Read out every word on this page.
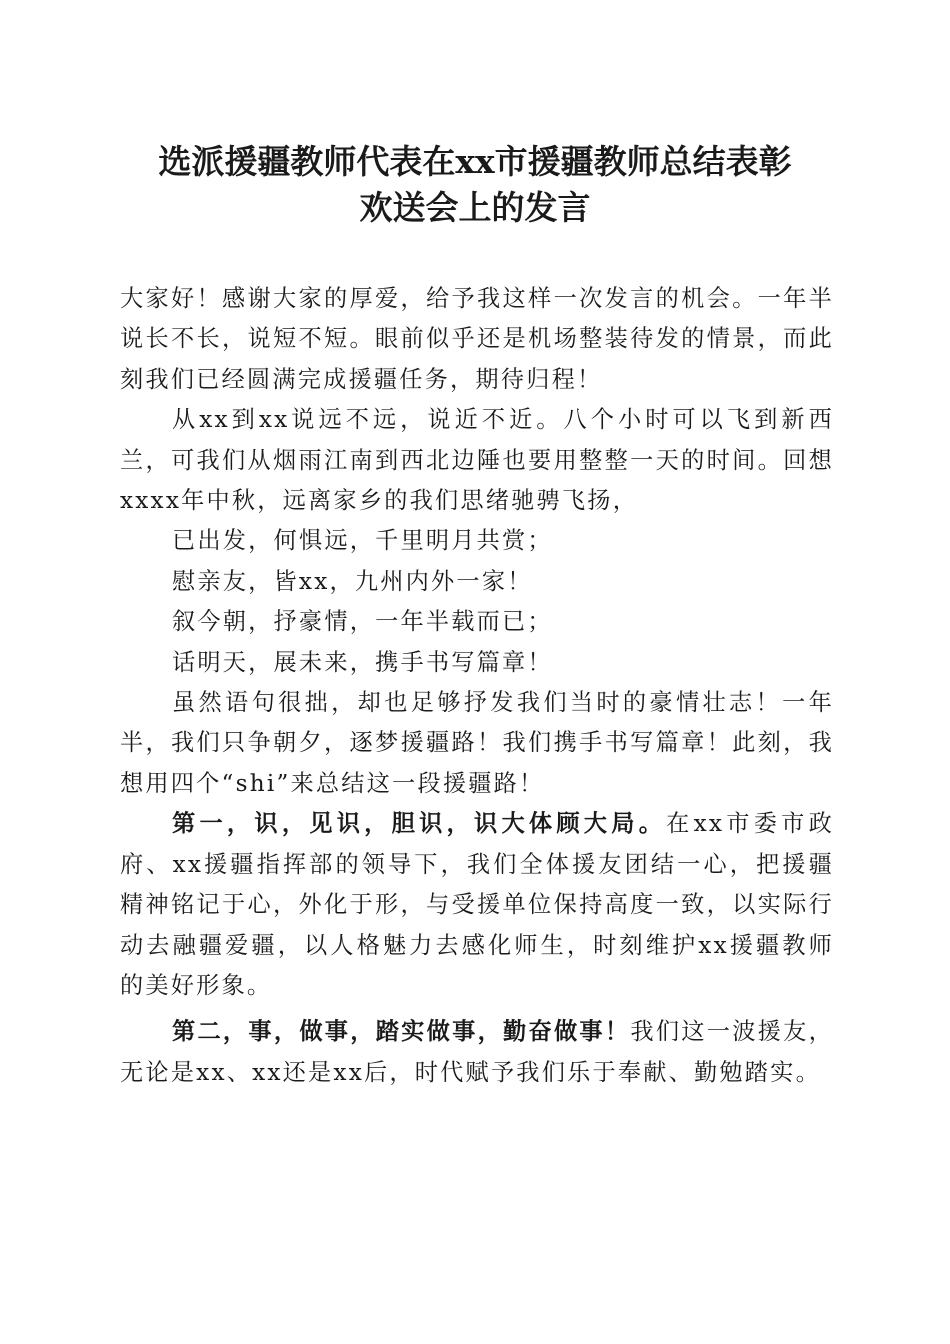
选派援疆教师代表在xx市援疆教师总结表彰
欢送会上的发言

大家好！感谢大家的厚爱，给予我这样一次发言的机会。一年半说长不长，说短不短。眼前似乎还是机场整装待发的情景，而此刻我们已经圆满完成援疆任务，期待归程！

从xx到xx说远不远，说近不近。八个小时可以飞到新西兰，可我们从烟雨江南到西北边陲也要用整整一天的时间。回想xxxx年中秋，远离家乡的我们思绪驰骋飞扬，

已出发，何惧远，千里明月共赏；

慰亲友，皆xx，九州内外一家！

叙今朝，抒豪情，一年半载而已；

话明天，展未来，携手书写篇章！

虽然语句很拙，却也足够抒发我们当时的豪情壮志！一年半，我们只争朝夕，逐梦援疆路！我们携手书写篇章！此刻，我想用四个“shi”来总结这一段援疆路！

第一，识，见识，胆识，识大体顾大局。在xx市委市政府、xx援疆指挥部的领导下，我们全体援友团结一心，把援疆精神铭记于心，外化于形，与受援单位保持高度一致，以实际行动去融疆爱疆，以人格魅力去感化师生，时刻维护xx援疆教师的美好形象。

第二，事，做事，踏实做事，勤奋做事！我们这一波援友，无论是xx、xx还是xx后，时代赋予我们乐于奉献、勤勉踏实。
